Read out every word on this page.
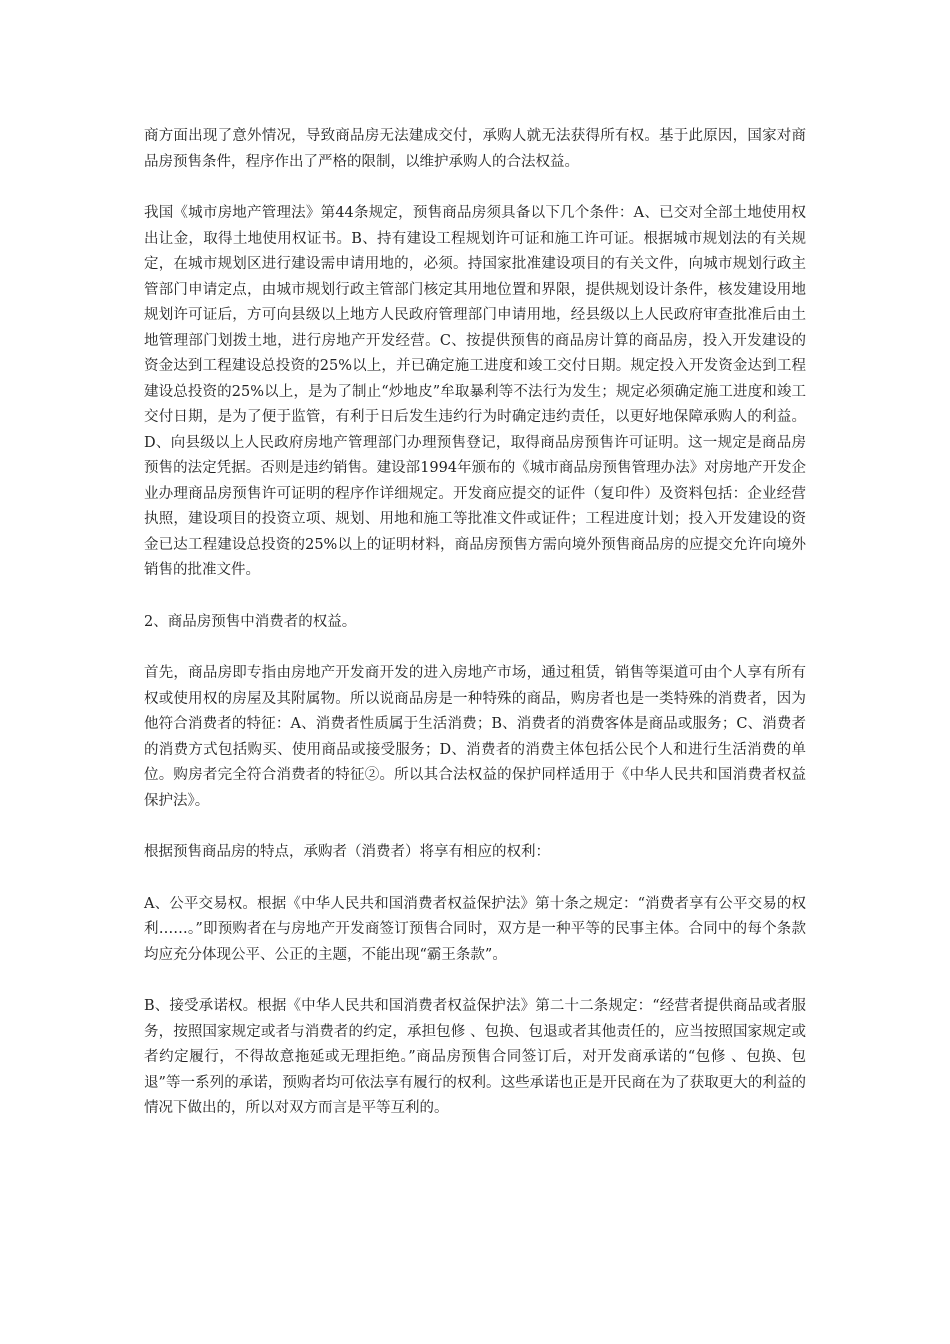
商方面出现了意外情况，导致商品房无法建成交付，承购人就无法获得所有权。基于此原因，国家对商品房预售条件，程序作出了严格的限制，以维护承购人的合法权益。

我国《城市房地产管理法》第44条规定，预售商品房须具备以下几个条件：A、已交对全部土地使用权出让金，取得土地使用权证书。B、持有建设工程规划许可证和施工许可证。根据城市规划法的有关规定，在城市规划区进行建设需申请用地的，必须。持国家批准建设项目的有关文件，向城市规划行政主管部门申请定点，由城市规划行政主管部门核定其用地位置和界限，提供规划设计条件，核发建设用地规划许可证后，方可向县级以上地方人民政府管理部门申请用地，经县级以上人民政府审查批准后由土地管理部门划拨土地，进行房地产开发经营。C、按提供预售的商品房计算的商品房，投入开发建设的资金达到工程建设总投资的25%以上，并已确定施工进度和竣工交付日期。规定投入开发资金达到工程建设总投资的25%以上，是为了制止“炒地皮”牟取暴利等不法行为发生；规定必须确定施工进度和竣工交付日期，是为了便于监管，有利于日后发生违约行为时确定违约责任，以更好地保障承购人的利益。D、向县级以上人民政府房地产管理部门办理预售登记，取得商品房预售许可证明。这一规定是商品房预售的法定凭据。否则是违约销售。建设部1994年颁布的《城市商品房预售管理办法》对房地产开发企业办理商品房预售许可证明的程序作详细规定。开发商应提交的证件（复印件）及资料包括：企业经营执照，建设项目的投资立项、规划、用地和施工等批准文件或证件；工程进度计划；投入开发建设的资金已达工程建设总投资的25%以上的证明材料，商品房预售方需向境外预售商品房的应提交允许向境外销售的批准文件。

2、商品房预售中消费者的权益。

首先，商品房即专指由房地产开发商开发的进入房地产市场，通过租赁，销售等渠道可由个人享有所有权或使用权的房屋及其附属物。所以说商品房是一种特殊的商品，购房者也是一类特殊的消费者，因为他符合消费者的特征：A、消费者性质属于生活消费；B、消费者的消费客体是商品或服务；C、消费者的消费方式包括购买、使用商品或接受服务；D、消费者的消费主体包括公民个人和进行生活消费的单位。购房者完全符合消费者的特征②。所以其合法权益的保护同样适用于《中华人民共和国消费者权益保护法》。

根据预售商品房的特点，承购者（消费者）将享有相应的权利：

A、公平交易权。根据《中华人民共和国消费者权益保护法》第十条之规定：“消费者享有公平交易的权利……。”即预购者在与房地产开发商签订预售合同时，双方是一种平等的民事主体。合同中的每个条款均应充分体现公平、公正的主题，不能出现“霸王条款”。

B、接受承诺权。根据《中华人民共和国消费者权益保护法》第二十二条规定：“经营者提供商品或者服务，按照国家规定或者与消费者的约定，承担包修 、包换、包退或者其他责任的，应当按照国家规定或者约定履行，不得故意拖延或无理拒绝。”商品房预售合同签订后，对开发商承诺的“包修 、包换、包退”等一系列的承诺，预购者均可依法享有履行的权利。这些承诺也正是开民商在为了获取更大的利益的情况下做出的，所以对双方而言是平等互利的。
